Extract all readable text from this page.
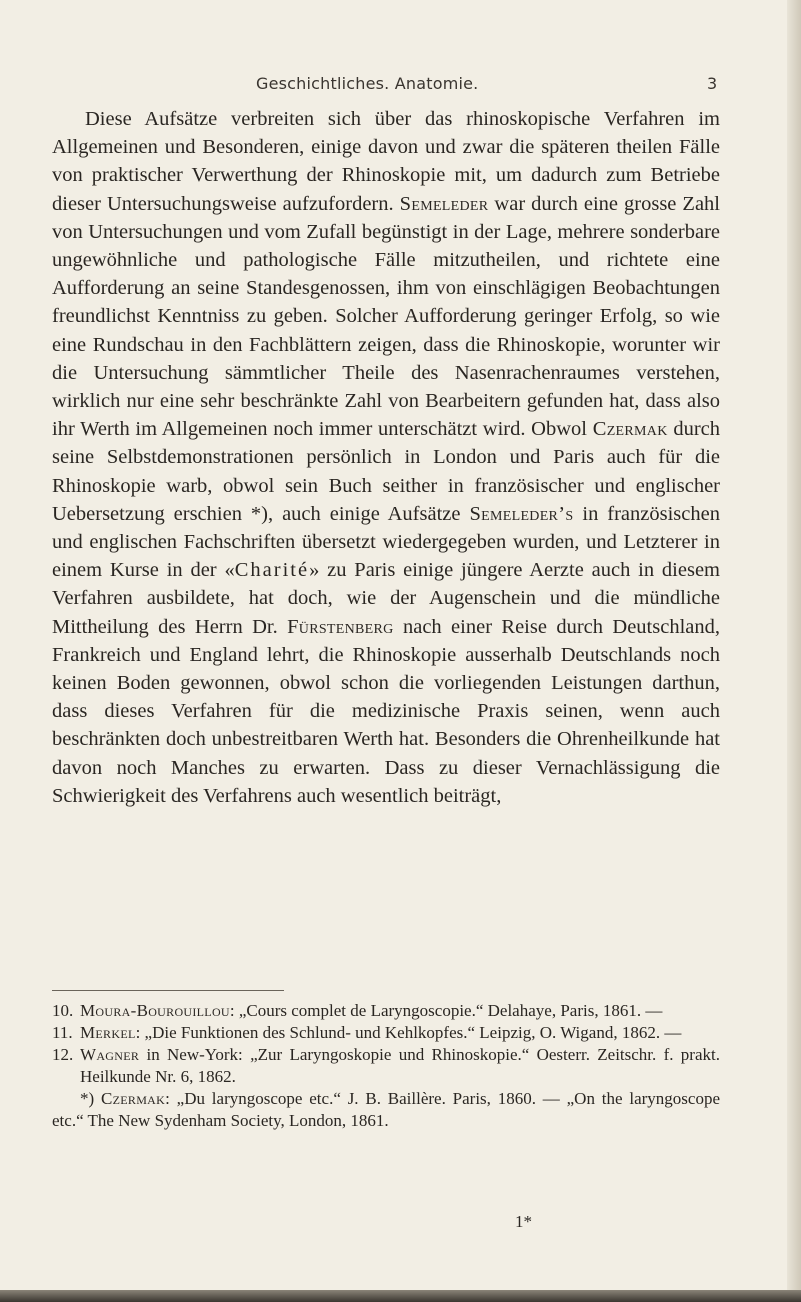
Geschichtliches. Anatomie.	3

Diese Aufsätze verbreiten sich über das rhinoskopische Verfahren im Allgemeinen und Besonderen, einige davon und zwar die späteren theilen Fälle von praktischer Verwerthung der Rhinoskopie mit, um dadurch zum Betriebe dieser Untersuchungsweise aufzufordern. Semeleder war durch eine grosse Zahl von Untersuchungen und vom Zufall begünstigt in der Lage, mehrere sonderbare ungewöhnliche und pathologische Fälle mitzutheilen, und richtete eine Aufforderung an seine Standesgenossen, ihm von einschlägigen Beobachtungen freundlichst Kenntniss zu geben. Solcher Aufforderung geringer Erfolg, so wie eine Rundschau in den Fachblättern zeigen, dass die Rhinoskopie, worunter wir die Untersuchung sämmtlicher Theile des Nasenrachenraumes verstehen, wirklich nur eine sehr beschränkte Zahl von Bearbeitern gefunden hat, dass also ihr Werth im Allgemeinen noch immer unterschätzt wird. Obwol Czermak durch seine Selbstdemonstrationen persönlich in London und Paris auch für die Rhinoskopie warb, obwol sein Buch seither in französischer und englischer Uebersetzung erschien *), auch einige Aufsätze Semeleder’s in französischen und englischen Fachschriften übersetzt wiedergegeben wurden, und Letzterer in einem Kurse in der «Charité» zu Paris einige jüngere Aerzte auch in diesem Verfahren ausbildete, hat doch, wie der Augenschein und die mündliche Mittheilung des Herrn Dr. Fürstenberg nach einer Reise durch Deutschland, Frankreich und England lehrt, die Rhinoskopie ausserhalb Deutschlands noch keinen Boden gewonnen, obwol schon die vorliegenden Leistungen darthun, dass dieses Verfahren für die medizinische Praxis seinen, wenn auch beschränkten doch unbestreitbaren Werth hat. Besonders die Ohrenheilkunde hat davon noch Manches zu erwarten. Dass zu dieser Vernachlässigung die Schwierigkeit des Verfahrens auch wesentlich beiträgt,

10. Moura-Bourouillou: „Cours complet de Laryngoscopie.“ Delahaye, Paris, 1861. —

11. Merkel: „Die Funktionen des Schlund- und Kehlkopfes.“ Leipzig, O. Wigand, 1862. —

12. Wagner in New-York: „Zur Laryngoskopie und Rhinoskopie.“ Oesterr. Zeitschr. f. prakt. Heilkunde Nr. 6, 1862.

*) Czermak: „Du laryngoscope etc.“ J. B. Baillère. Paris, 1860. — „On the laryngoscope etc.“ The New Sydenham Society, London, 1861.

1*
